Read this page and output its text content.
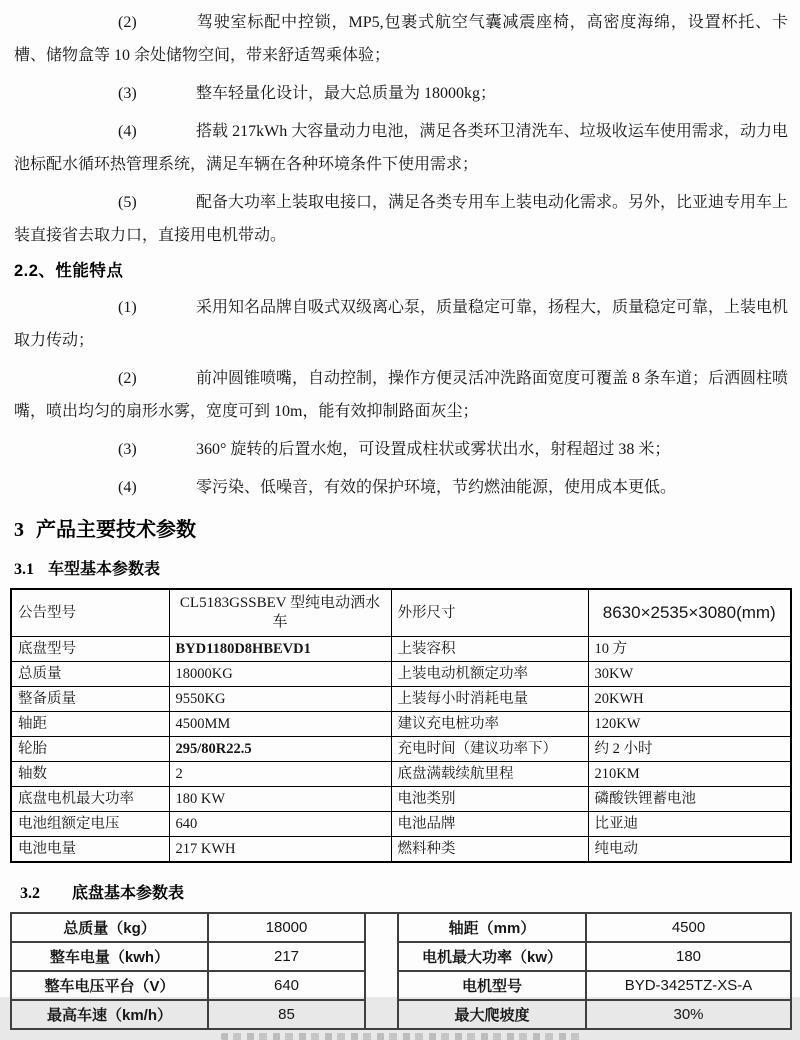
(2)	驾驶室标配中控锁，MP5,包裹式航空气囊减震座椅，高密度海绵，设置杯托、卡槽、储物盒等 10 余处储物空间，带来舒适驾乘体验；

(3)	整车轻量化设计，最大总质量为 18000kg；

(4)	搭载 217kWh 大容量动力电池，满足各类环卫清洗车、垃圾收运车使用需求，动力电池标配水循环热管理系统，满足车辆在各种环境条件下使用需求；

(5)	配备大功率上装取电接口，满足各类专用车上装电动化需求。另外，比亚迪专用车上装直接省去取力口，直接用电机带动。

2.2、性能特点

(1)	采用知名品牌自吸式双级离心泵，质量稳定可靠，扬程大，质量稳定可靠，上装电机取力传动；

(2)	前冲圆锥喷嘴，自动控制，操作方便灵活冲洗路面宽度可覆盖 8 条车道；后洒圆柱喷嘴，喷出均匀的扇形水雾，宽度可到 10m，能有效抑制路面灰尘；

(3)	360° 旋转的后置水炮，可设置成柱状或雾状出水，射程超过 38 米；

(4)	零污染、低噪音，有效的保护环境，节约燃油能源，使用成本更低。

3 产品主要技术参数
3.1 车型基本参数表
公告型号	CL5183GSSBEV 型纯电动洒水车	外形尺寸	8630×2535×3080(mm)
底盘型号	BYD1180D8HBEVD1	上装容积	10 方
总质量	18000KG	上装电动机额定功率	30KW
整备质量	9550KG	上装每小时消耗电量	20KWH
轴距	4500MM	建议充电桩功率	120KW
轮胎	295/80R22.5	充电时间（建议功率下）	约 2 小时
轴数	2	底盘满载续航里程	210KM
底盘电机最大功率	180 KW	电池类别	磷酸铁锂蓄电池
电池组额定电压	640	电池品牌	比亚迪
电池电量	217 KWH	燃料种类	纯电动
3.2 底盘基本参数表
总质量（kg）	18000		轴距（mm）	4500
整车电量（kwh）	217		电机最大功率（kw）	180
整车电压平台（V）	640		电机型号	BYD-3425TZ-XS-A
最高车速（km/h）	85		最大爬坡度	30%
